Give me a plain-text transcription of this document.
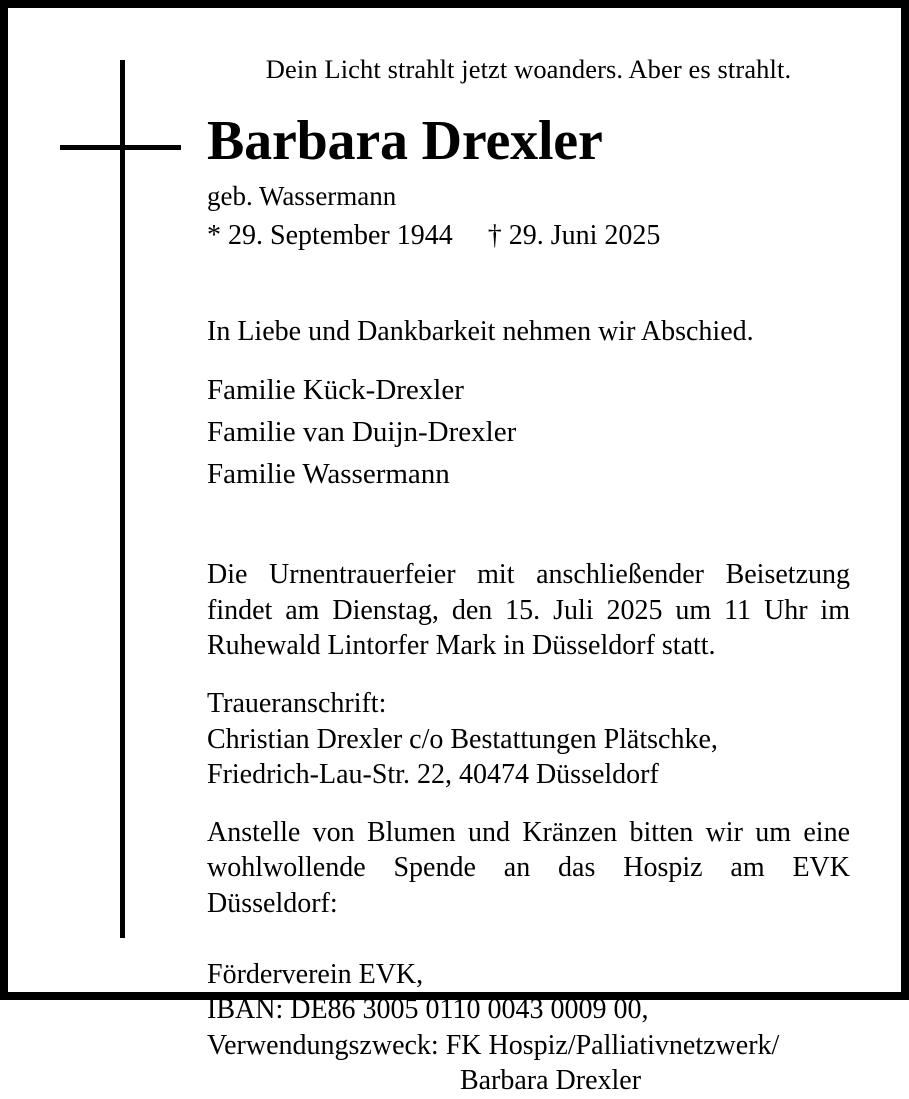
Dein Licht strahlt jetzt woanders. Aber es strahlt.

Barbara Drexler

geb. Wassermann

* 29. September 1944     † 29. Juni 2025

In Liebe und Dankbarkeit nehmen wir Abschied.

Familie Kück-Drexler
Familie van Duijn-Drexler
Familie Wassermann

Die Urnentrauerfeier mit anschließender Beisetzung findet am Dienstag, den 15. Juli 2025 um 11 Uhr im Ruhewald Lintorfer Mark in Düsseldorf statt.

Traueranschrift:
Christian Drexler c/o Bestattungen Plätschke,
Friedrich-Lau-Str. 22, 40474 Düsseldorf
Anstelle von Blumen und Kränzen bitten wir um eine wohlwollende Spende an das Hospiz am EVK Düsseldorf:
Förderverein EVK,
IBAN: DE86 3005 0110 0043 0009 00,
Verwendungszweck: FK Hospiz/Palliativnetzwerk/
Barbara Drexler
